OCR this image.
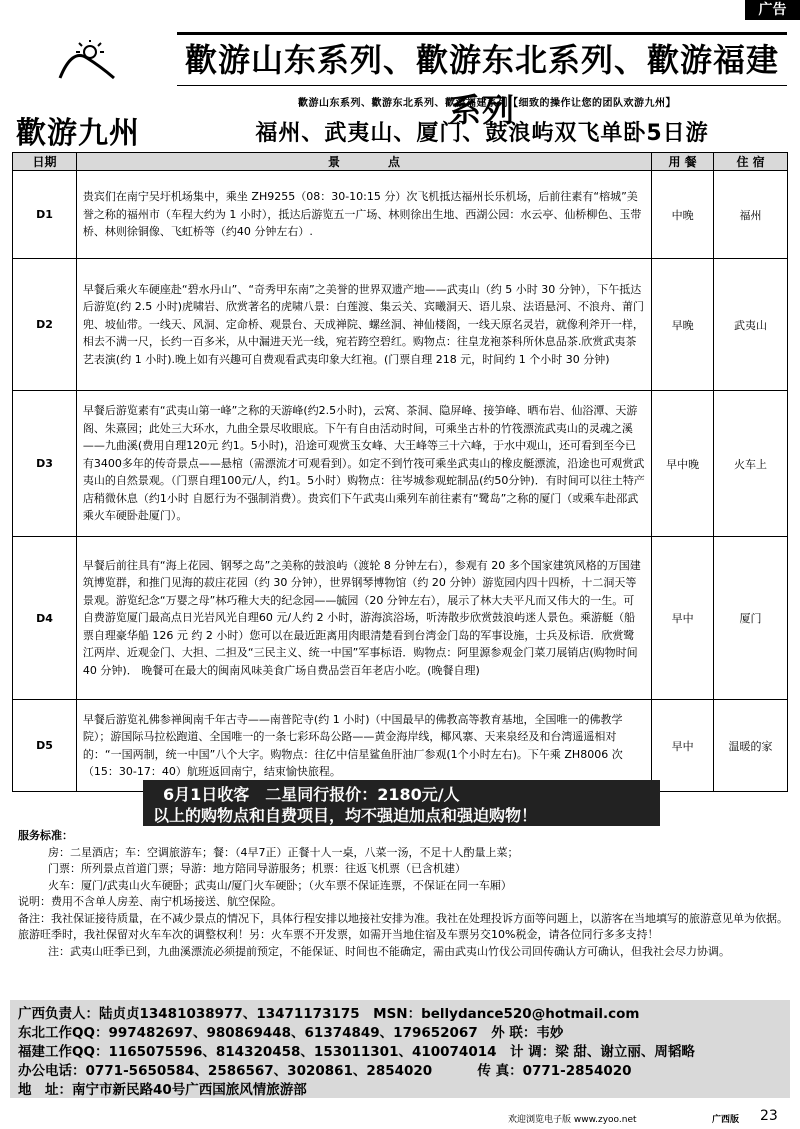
广告
歡游九州
歡游山东系列、歡游东北系列、歡游福建系列
歡游山东系列、歡游东北系列、歡游福建系列【细致的操作让您的团队欢游九州】
福州、武夷山、厦门、鼓浪屿双飞单卧5日游
日期	景　　　　点	用 餐	住 宿
D1	贵宾们在南宁吴圩机场集中，乘坐 ZH9255（08：30-10:15 分）次飞机抵达福州长乐机场，后前往素有“榕城”美誉之称的福州市（车程大约为 1 小时），抵达后游览五一广场、林则徐出生地、西湖公园：水云亭、仙桥柳色、玉带桥、林则徐铜像、飞虹桥等（约40 分钟左右）.	中晚	福州
D2	早餐后乘火车硬座赴“碧水丹山”、“奇秀甲东南”之美誉的世界双遗产地——武夷山（约 5 小时 30 分钟），下午抵达后游览(约 2.5 小时)虎啸岩、欣赏著名的虎啸八景：白莲渡、集云关、宾曦洞天、语儿泉、法语悬河、不浪舟、莆门兜、坡仙带。一线天、风洞、定命桥、观景台、天成禅院、螺丝洞、神仙楼阁，一线天原名灵岩，就像利斧开一样，相去不满一尺，长约一百多米，从中漏进天光一线，宛若跨空碧红。购物点：往皇龙袍茶科所休息品茶.欣赏武夷茶艺表演(约 1 小时).晚上如有兴趣可自费观看武夷印象大红袍。(门票自理 218 元，时间约 1 个小时 30 分钟)	早晚	武夷山
D3	早餐后游览素有“武夷山第一峰”之称的天游峰(约2.5小时)，云窝、茶洞、隐屏峰、接笋峰、晒布岩、仙浴潭、天游阁、朱熹园；此处三大环水，九曲全景尽收眼底。下午有自由活动时间，可乘坐古朴的竹筏漂流武夷山的灵魂之溪——九曲溪(费用自理120元 约1。5小时)，沿途可观赏玉女峰、大王峰等三十六峰，于水中观山，还可看到至今已有3400多年的传奇景点——悬棺（需漂流才可观看到）。如定不到竹筏可乘坐武夷山的橡皮艇漂流，沿途也可观赏武夷山的自然景观。（门票自理100元/人，约1。5小时）购物点：往岑城参观蛇制品(约50分钟)．有时间可以往土特产店稍微休息（约1小时 自愿行为不强制消费）。贵宾们下午武夷山乘列车前往素有“鹭岛”之称的厦门（或乘车赴邵武乘火车硬卧赴厦门）。	早中晚	火车上
D4	早餐后前往具有“海上花园、钢琴之岛”之美称的鼓浪屿（渡轮 8 分钟左右），参观有 20 多个国家建筑风格的万国建筑博览群，和推门见海的菽庄花园（约 30 分钟），世界钢琴博物馆（约 20 分钟）游览园内四十四桥，十二洞天等景观。游览纪念“万婴之母”林巧稚大夫的纪念园——毓园（20 分钟左右），展示了林大夫平凡而又伟大的一生。可自费游览厦门最高点日光岩风光自理60 元/人约 2 小时，游海滨浴场，听涛散步欣赏鼓浪屿迷人景色。乘游艇（船票自理豪华船 126 元 约 2 小时）您可以在最近距离用肉眼清楚看到台湾金门岛的军事设施，士兵及标语．欣赏鹭江两岸、近观金门、大担、二担及“三民主义、统一中国”军事标语．购物点：阿里源参观金门菜刀展销店(购物时间 40 分钟)． 晚餐可在最大的闽南风味美食广场自费品尝百年老店小吃。(晚餐自理)	早中	厦门
D5	早餐后游览礼佛参禅闽南千年古寺——南普陀寺(约 1 小时)（中国最早的佛教高等教育基地，全国唯一的佛教学院）；游国际马拉松跑道、全国唯一的一条七彩环岛公路——黄金海岸线，椰风寨、天来泉经及和台湾遥遥相对的：“一国两制，统一中国”八个大字。购物点：往亿中信星鲨鱼肝油厂参观(1个小时左右)。下午乘 ZH8006 次（15：30-17：40）航班返回南宁，结束愉快旅程。	早中	温暖的家
6月1日收客　二星同行报价：2180元/人
以上的购物点和自费项目，均不强迫加点和强迫购物！

服务标准：

房：二星酒店；车：空调旅游车；餐：（4早7正）正餐十人一桌，八菜一汤，不足十人酌量上菜；

门票：所列景点首道门票；导游：地方陪同导游服务；机票：往返飞机票（已含机建）

火车：厦门/武夷山火车硬卧；武夷山/厦门火车硬卧；（火车票不保证连票，不保证在同一车厢）

说明：费用不含单人房差、南宁机场接送、航空保险。

备注：我社保证接待质量，在不减少景点的情况下，具体行程安排以地接社安排为准。我社在处理投诉方面等问题上，以游客在当地填写的旅游意见单为依据。旅游旺季时，我社保留对火车车次的调整权利！另：火车票不开发票，如需开当地住宿及车票另交10%税金，请各位同行多多支持！

注：武夷山旺季已到，九曲溪漂流必须提前预定，不能保证、时间也不能确定，需由武夷山竹伐公司回传确认方可确认，但我社会尽力协调。

广西负责人：陆贞贞13481038977、13471173175　MSN：bellydance520@hotmail.com

东北工作QQ：997482697、980869448、61374849、179652067　外 联：韦妙

福建工作QQ：1165075596、814320458、153011301、410074014　计 调：梁 甜、谢立丽、周韬略

办公电话：0771-5650584、2586567、3020861、2854020　　　 传 真：0771-2854020

地　址：南宁市新民路40号广西国旅风情旅游部

欢迎浏览电子版 www.zyoo.net	广西版 23
